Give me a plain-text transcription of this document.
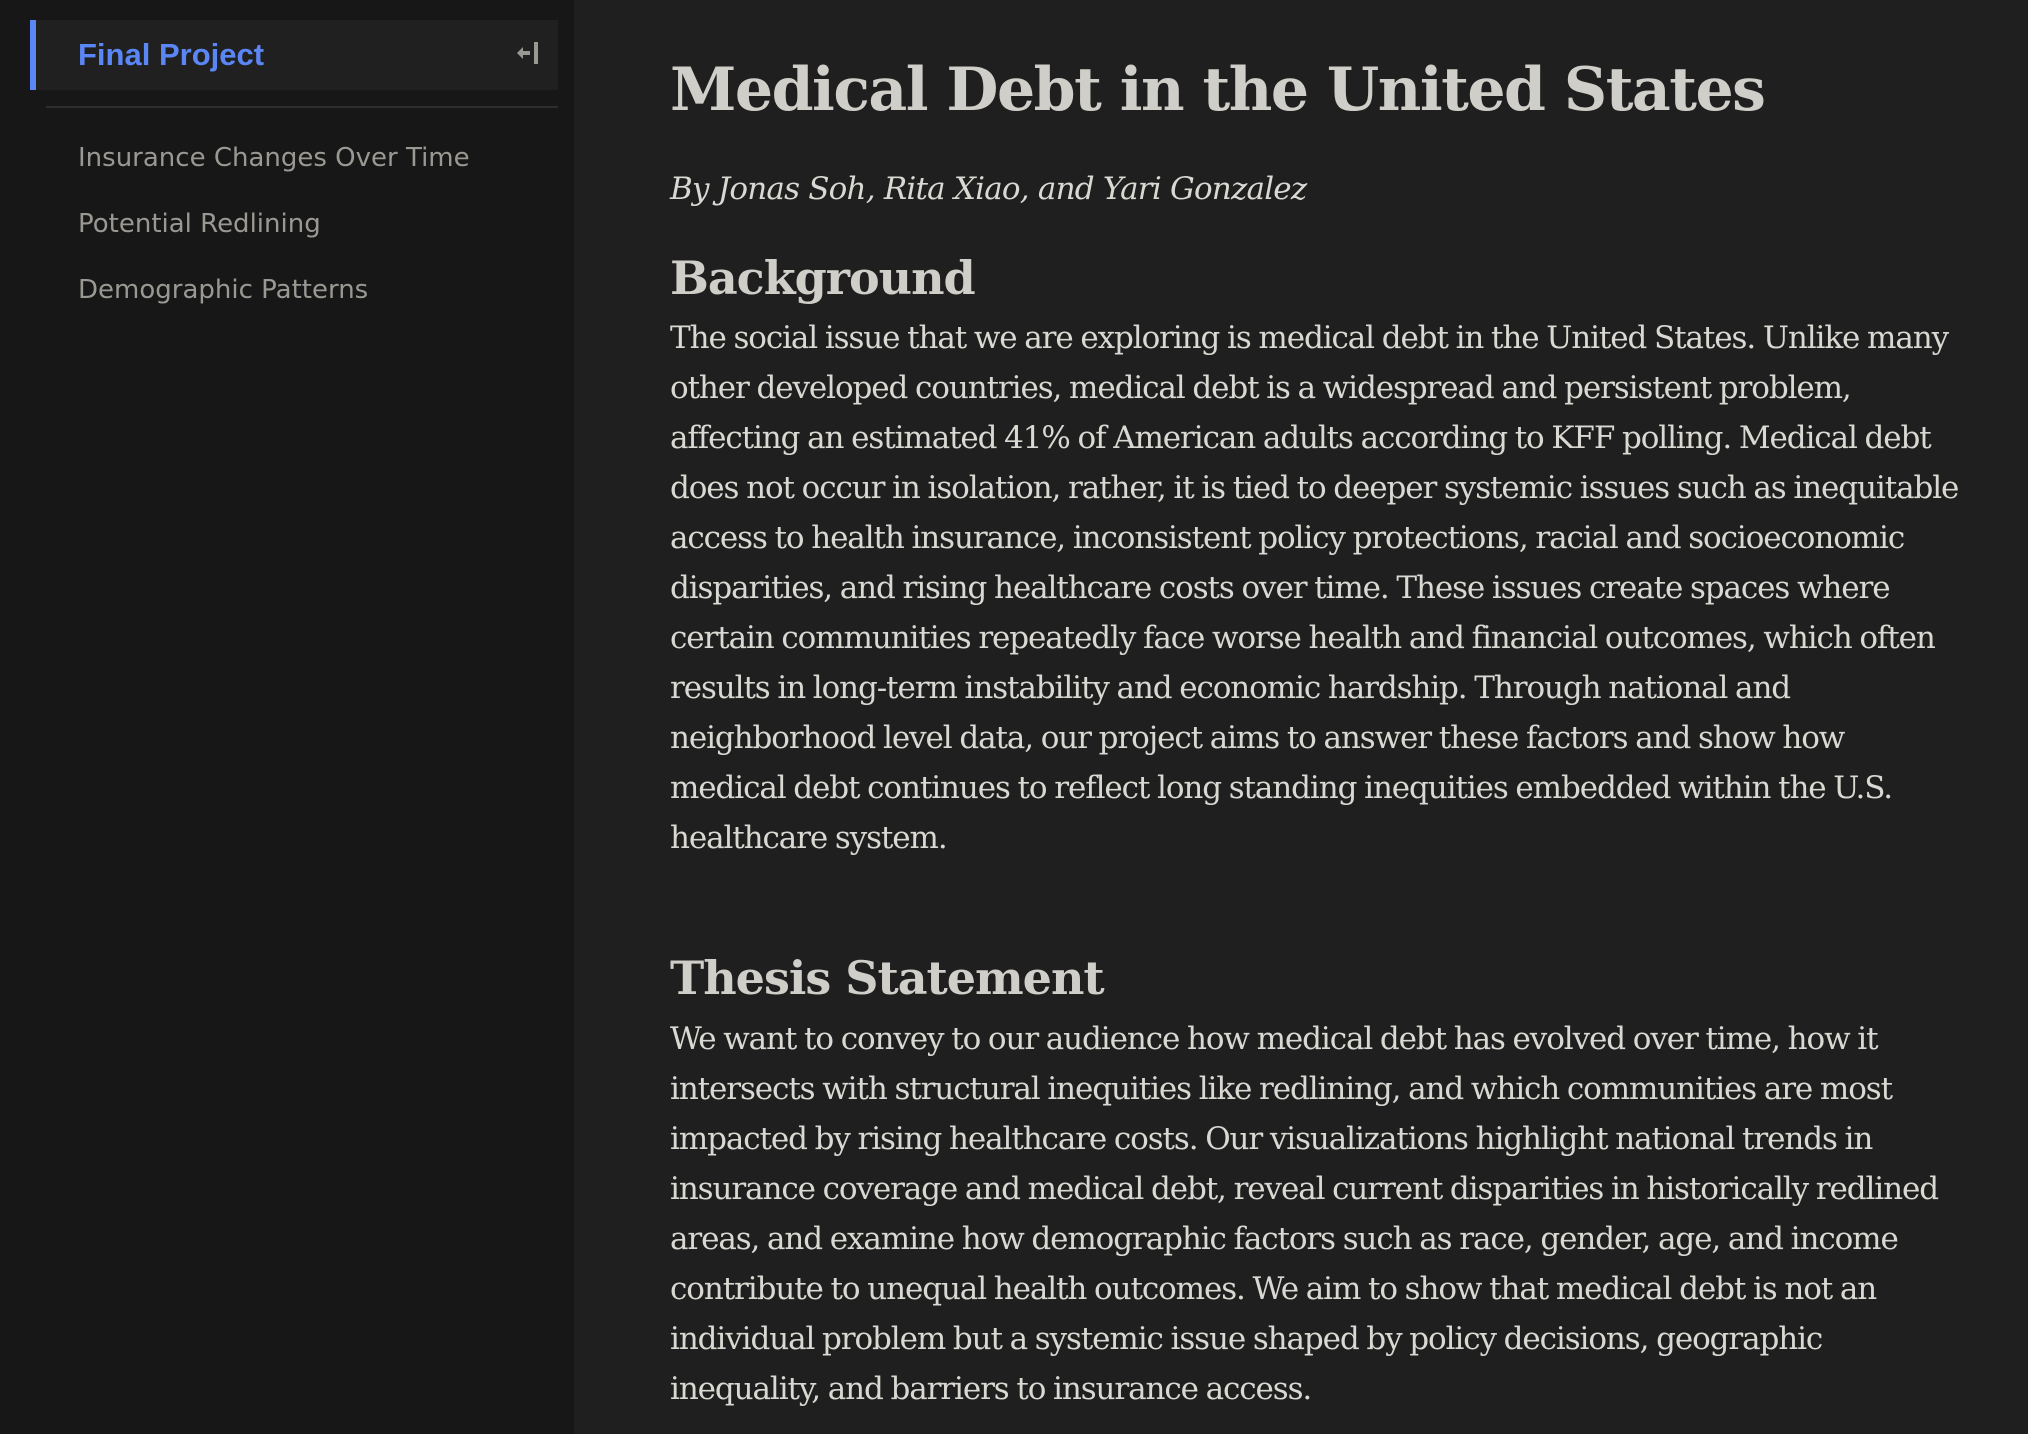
Final Project
Insurance Changes Over Time
Potential Redlining
Demographic Patterns
Medical Debt in the United States

By Jonas Soh, Rita Xiao, and Yari Gonzalez

Background

The social issue that we are exploring is medical debt in the United States. Unlike many other developed countries, medical debt is a widespread and persistent problem, affecting an estimated 41% of American adults according to KFF polling. Medical debt does not occur in isolation, rather, it is tied to deeper systemic issues such as inequitable access to health insurance, inconsistent policy protections, racial and socioeconomic disparities, and rising healthcare costs over time. These issues create spaces where certain communities repeatedly face worse health and financial outcomes, which often results in long-term instability and economic hardship. Through national and neighborhood level data, our project aims to answer these factors and show how medical debt continues to reflect long standing inequities embedded within the U.S. healthcare system.

Thesis Statement

We want to convey to our audience how medical debt has evolved over time, how it intersects with structural inequities like redlining, and which communities are most impacted by rising healthcare costs. Our visualizations highlight national trends in insurance coverage and medical debt, reveal current disparities in historically redlined areas, and examine how demographic factors such as race, gender, age, and income contribute to unequal health outcomes. We aim to show that medical debt is not an individual problem but a systemic issue shaped by policy decisions, geographic inequality, and barriers to insurance access.
